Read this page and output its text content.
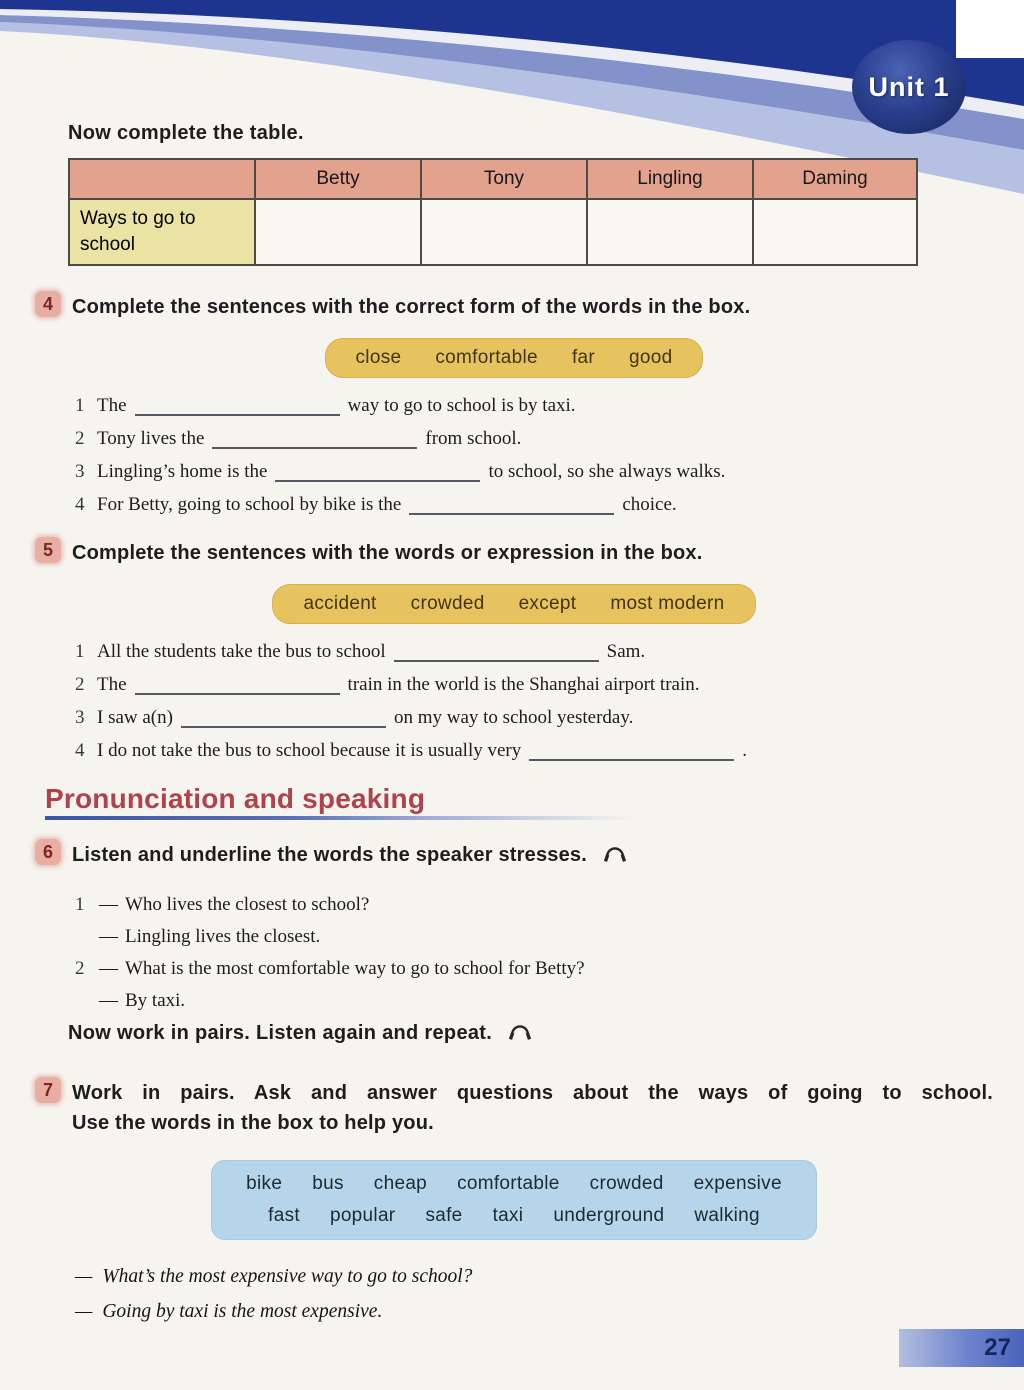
Unit 1
Now complete the table.
	Betty	Tony	Lingling	Daming
Ways to go to school				
4 Complete the sentences with the correct form of the words in the box.
close comfortable far good
1 The	way to go to school is by taxi.
2 Tony lives the	from school.
3 Lingling’s home is the	to school, so she always walks.
4 For Betty, going to school by bike is the	choice.
5 Complete the sentences with the words or expression in the box.
accident crowded except most modern
1 All the students take the bus to school	Sam.
2 The	train in the world is the Shanghai airport train.
3 I saw a(n)	on my way to school yesterday.
4 I do not take the bus to school because it is usually very	.
Pronunciation and speaking
6 Listen and underline the words the speaker stresses.
1 — Who lives the closest to school?
— Lingling lives the closest.
2 — What is the most comfortable way to go to school for Betty?
— By taxi.
Now work in pairs. Listen again and repeat.
7 Work in pairs. Ask and answer questions about the ways of going to school.
Use the words in the box to help you.
bike bus cheap comfortable crowded expensive
fast popular safe taxi underground walking
— What’s the most expensive way to go to school?
— Going by taxi is the most expensive.
27
